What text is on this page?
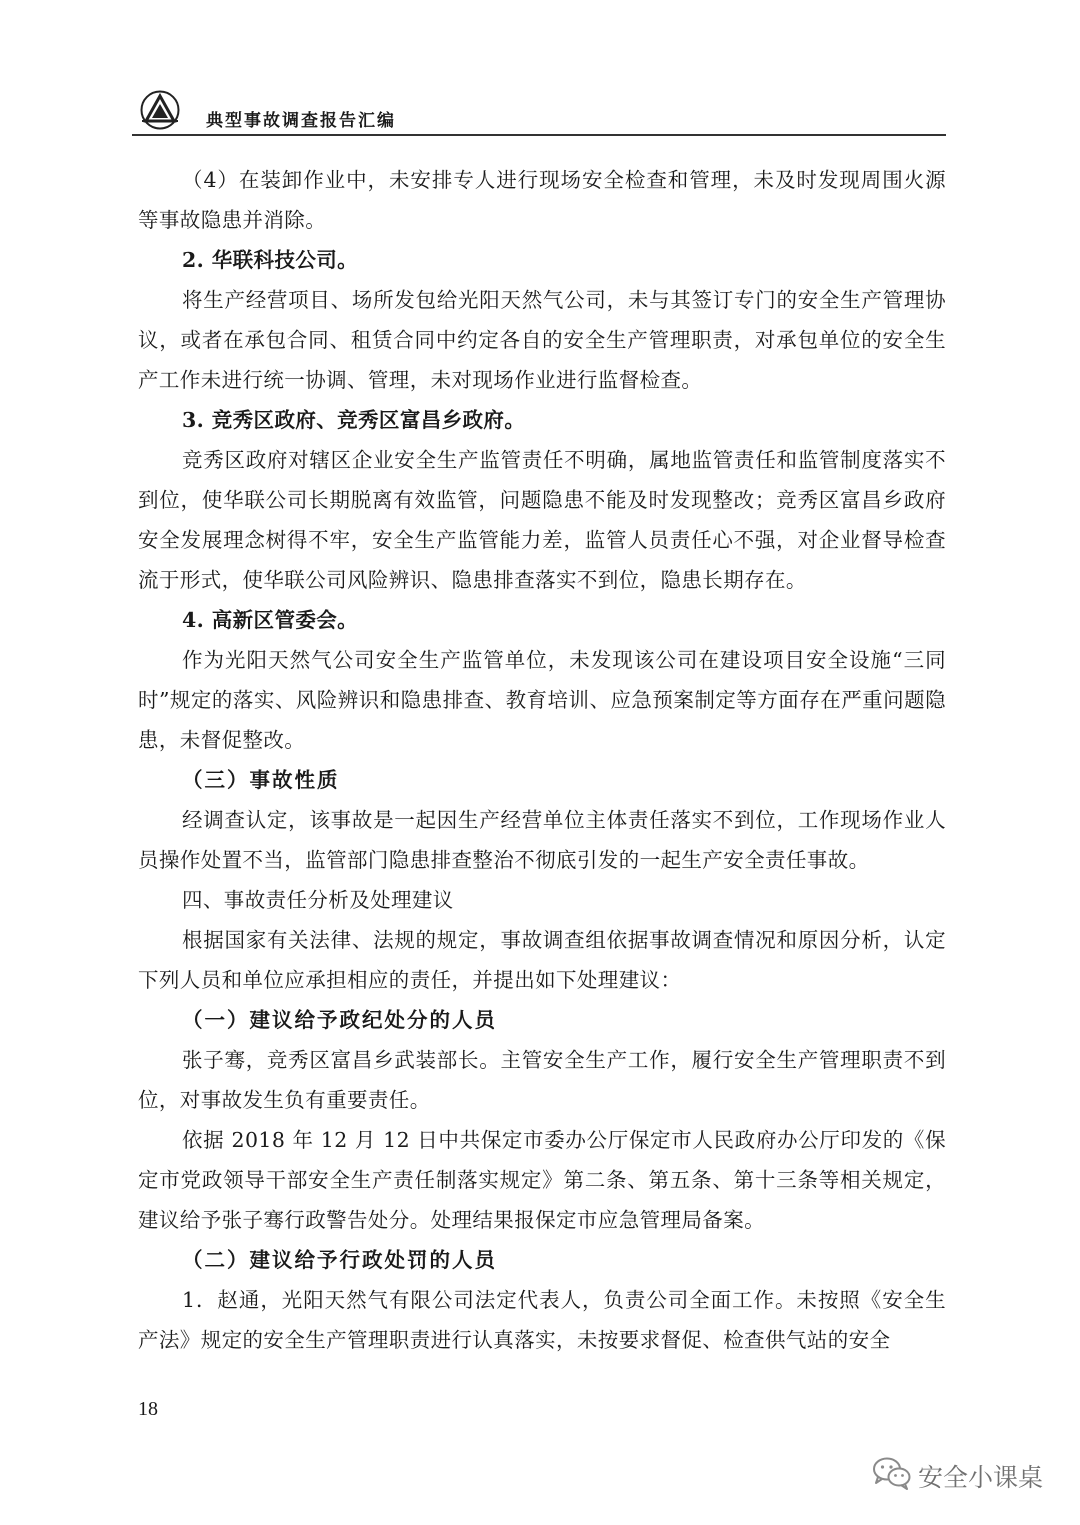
典型事故调查报告汇编

（4）在装卸作业中，未安排专人进行现场安全检查和管理，未及时发现周围火源等事故隐患并消除。

2. 华联科技公司。

将生产经营项目、场所发包给光阳天然气公司，未与其签订专门的安全生产管理协议，或者在承包合同、租赁合同中约定各自的安全生产管理职责，对承包单位的安全生产工作未进行统一协调、管理，未对现场作业进行监督检查。

3. 竞秀区政府、竞秀区富昌乡政府。

竞秀区政府对辖区企业安全生产监管责任不明确，属地监管责任和监管制度落实不到位，使华联公司长期脱离有效监管，问题隐患不能及时发现整改；竞秀区富昌乡政府安全发展理念树得不牢，安全生产监管能力差，监管人员责任心不强，对企业督导检查流于形式，使华联公司风险辨识、隐患排查落实不到位，隐患长期存在。

4. 高新区管委会。

作为光阳天然气公司安全生产监管单位，未发现该公司在建设项目安全设施“三同时”规定的落实、风险辨识和隐患排查、教育培训、应急预案制定等方面存在严重问题隐患，未督促整改。

（三）事故性质

经调查认定，该事故是一起因生产经营单位主体责任落实不到位，工作现场作业人员操作处置不当，监管部门隐患排查整治不彻底引发的一起生产安全责任事故。

四、事故责任分析及处理建议

根据国家有关法律、法规的规定，事故调查组依据事故调查情况和原因分析，认定下列人员和单位应承担相应的责任，并提出如下处理建议：

（一）建议给予政纪处分的人员

张子骞，竞秀区富昌乡武装部长。主管安全生产工作，履行安全生产管理职责不到位，对事故发生负有重要责任。

依据 2018 年 12 月 12 日中共保定市委办公厅保定市人民政府办公厅印发的《保定市党政领导干部安全生产责任制落实规定》第二条、第五条、第十三条等相关规定，建议给予张子骞行政警告处分。处理结果报保定市应急管理局备案。

（二）建议给予行政处罚的人员

1．赵通，光阳天然气有限公司法定代表人，负责公司全面工作。未按照《安全生产法》规定的安全生产管理职责进行认真落实，未按要求督促、检查供气站的安全

18
安全小课桌
